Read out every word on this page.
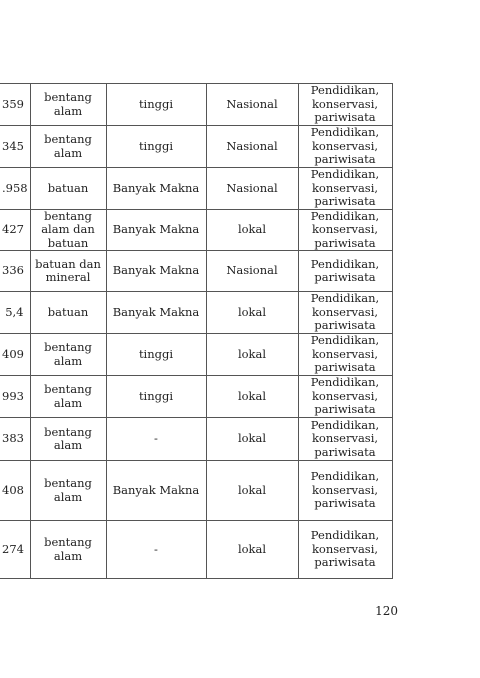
359	bentang alam	tinggi	Nasional	Pendidikan, konservasi, pariwisata
345	bentang alam	tinggi	Nasional	Pendidikan, konservasi, pariwisata
.958	batuan	Banyak Makna	Nasional	Pendidikan, konservasi, pariwisata
427	bentang alam dan batuan	Banyak Makna	lokal	Pendidikan, konservasi, pariwisata
336	batuan dan mineral	Banyak Makna	Nasional	Pendidikan, pariwisata
5,4	batuan	Banyak Makna	lokal	Pendidikan, konservasi, pariwisata
409	bentang alam	tinggi	lokal	Pendidikan, konservasi, pariwisata
993	bentang alam	tinggi	lokal	Pendidikan, konservasi, pariwisata
383	bentang alam	-	lokal	Pendidikan, konservasi, pariwisata
408	bentang alam	Banyak Makna	lokal	Pendidikan, konservasi, pariwisata
274	bentang alam	-	lokal	Pendidikan, konservasi, pariwisata
120
